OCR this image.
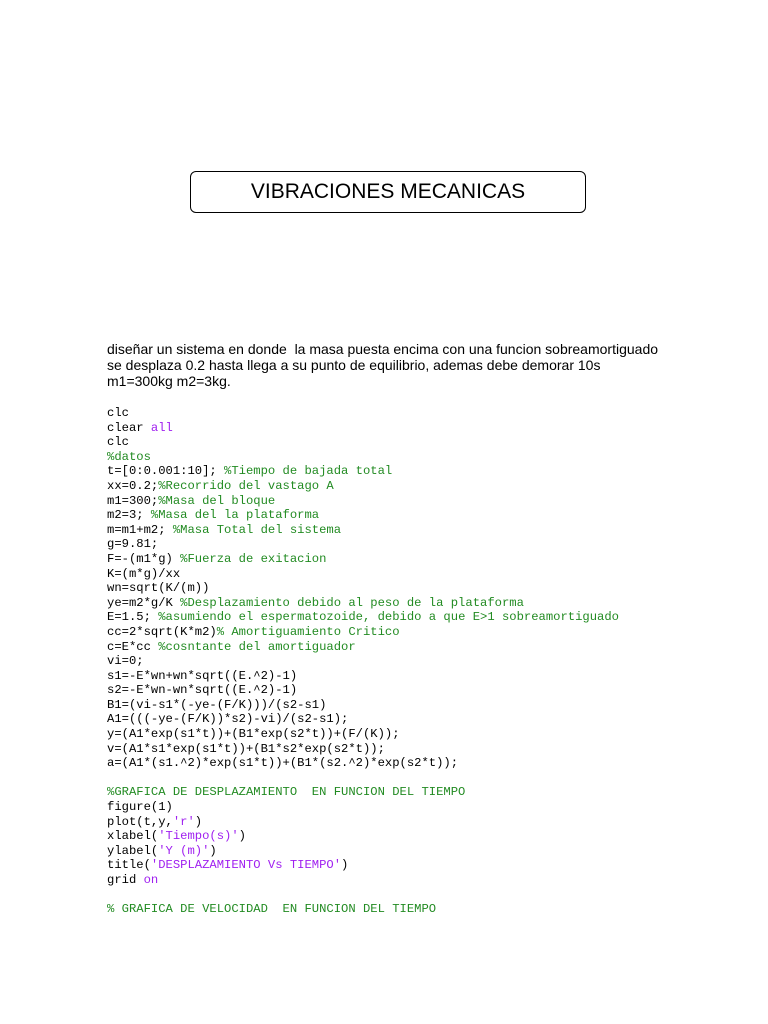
VIBRACIONES MECANICAS

diseñar un sistema en donde  la masa puesta encima con una funcion sobreamortiguado
se desplaza 0.2 hasta llega a su punto de equilibrio, ademas debe demorar 10s
m1=300kg m2=3kg.

clc
clear all
clc
%datos
t=[0:0.001:10]; %Tiempo de bajada total
xx=0.2;%Recorrido del vastago A
m1=300;%Masa del bloque
m2=3; %Masa del la plataforma
m=m1+m2; %Masa Total del sistema
g=9.81;
F=-(m1*g) %Fuerza de exitacion
K=(m*g)/xx
wn=sqrt(K/(m))
ye=m2*g/K %Desplazamiento debido al peso de la plataforma
E=1.5; %asumiendo el espermatozoide, debido a que E>1 sobreamortiguado
cc=2*sqrt(K*m2)% Amortiguamiento Critico
c=E*cc %cosntante del amortiguador
vi=0;
s1=-E*wn+wn*sqrt((E.^2)-1)
s2=-E*wn-wn*sqrt((E.^2)-1)
B1=(vi-s1*(-ye-(F/K)))/(s2-s1)
A1=(((-ye-(F/K))*s2)-vi)/(s2-s1);
y=(A1*exp(s1*t))+(B1*exp(s2*t))+(F/(K));
v=(A1*s1*exp(s1*t))+(B1*s2*exp(s2*t));
a=(A1*(s1.^2)*exp(s1*t))+(B1*(s2.^2)*exp(s2*t));
%GRAFICA DE DESPLAZAMIENTO  EN FUNCION DEL TIEMPO
figure(1)
plot(t,y,'r')
xlabel('Tiempo(s)')
ylabel('Y (m)')
title('DESPLAZAMIENTO Vs TIEMPO')
grid on
% GRAFICA DE VELOCIDAD  EN FUNCION DEL TIEMPO
